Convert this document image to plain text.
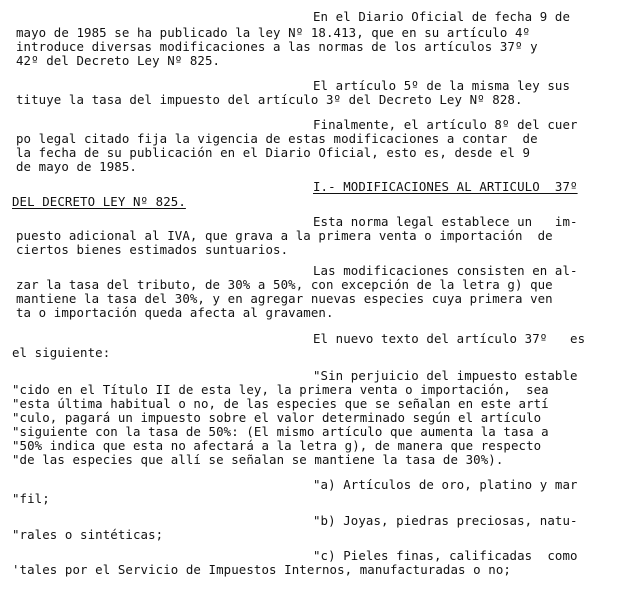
En el Diario Oficial de fecha 9 de
mayo de 1985 se ha publicado la ley Nº 18.413, que en su artículo 4º
introduce diversas modificaciones a las normas de los artículos 37º y
42º del Decreto Ley Nº 825.
El artículo 5º de la misma ley sus
tituye la tasa del impuesto del artículo 3º del Decreto Ley Nº 828.
Finalmente, el artículo 8º del cuer
po legal citado fija la vigencia de estas modificaciones a contar  de
la fecha de su publicación en el Diario Oficial, esto es, desde el 9
de mayo de 1985.
I.- MODIFICACIONES AL ARTICULO  37º
DEL DECRETO LEY Nº 825.
Esta norma legal establece un   im-
puesto adicional al IVA, que grava a la primera venta o importación  de
ciertos bienes estimados suntuarios.
Las modificaciones consisten en al-
zar la tasa del tributo, de 30% a 50%, con excepción de la letra g) que
mantiene la tasa del 30%, y en agregar nuevas especies cuya primera ven
ta o importación queda afecta al gravamen.
El nuevo texto del artículo 37º   es
el siguiente:
"Sin perjuicio del impuesto estable
"cido en el Título II de esta ley, la primera venta o importación,  sea
"esta última habitual o no, de las especies que se señalan en este artí
"culo, pagará un impuesto sobre el valor determinado según el artículo
"siguiente con la tasa de 50%: (El mismo artículo que aumenta la tasa a
"50% indica que esta no afectará a la letra g), de manera que respecto
"de las especies que allí se señalan se mantiene la tasa de 30%).
"a) Artículos de oro, platino y mar
"fil;
"b) Joyas, piedras preciosas, natu-
"rales o sintéticas;
"c) Pieles finas, calificadas  como
'tales por el Servicio de Impuestos Internos, manufacturadas o no;
